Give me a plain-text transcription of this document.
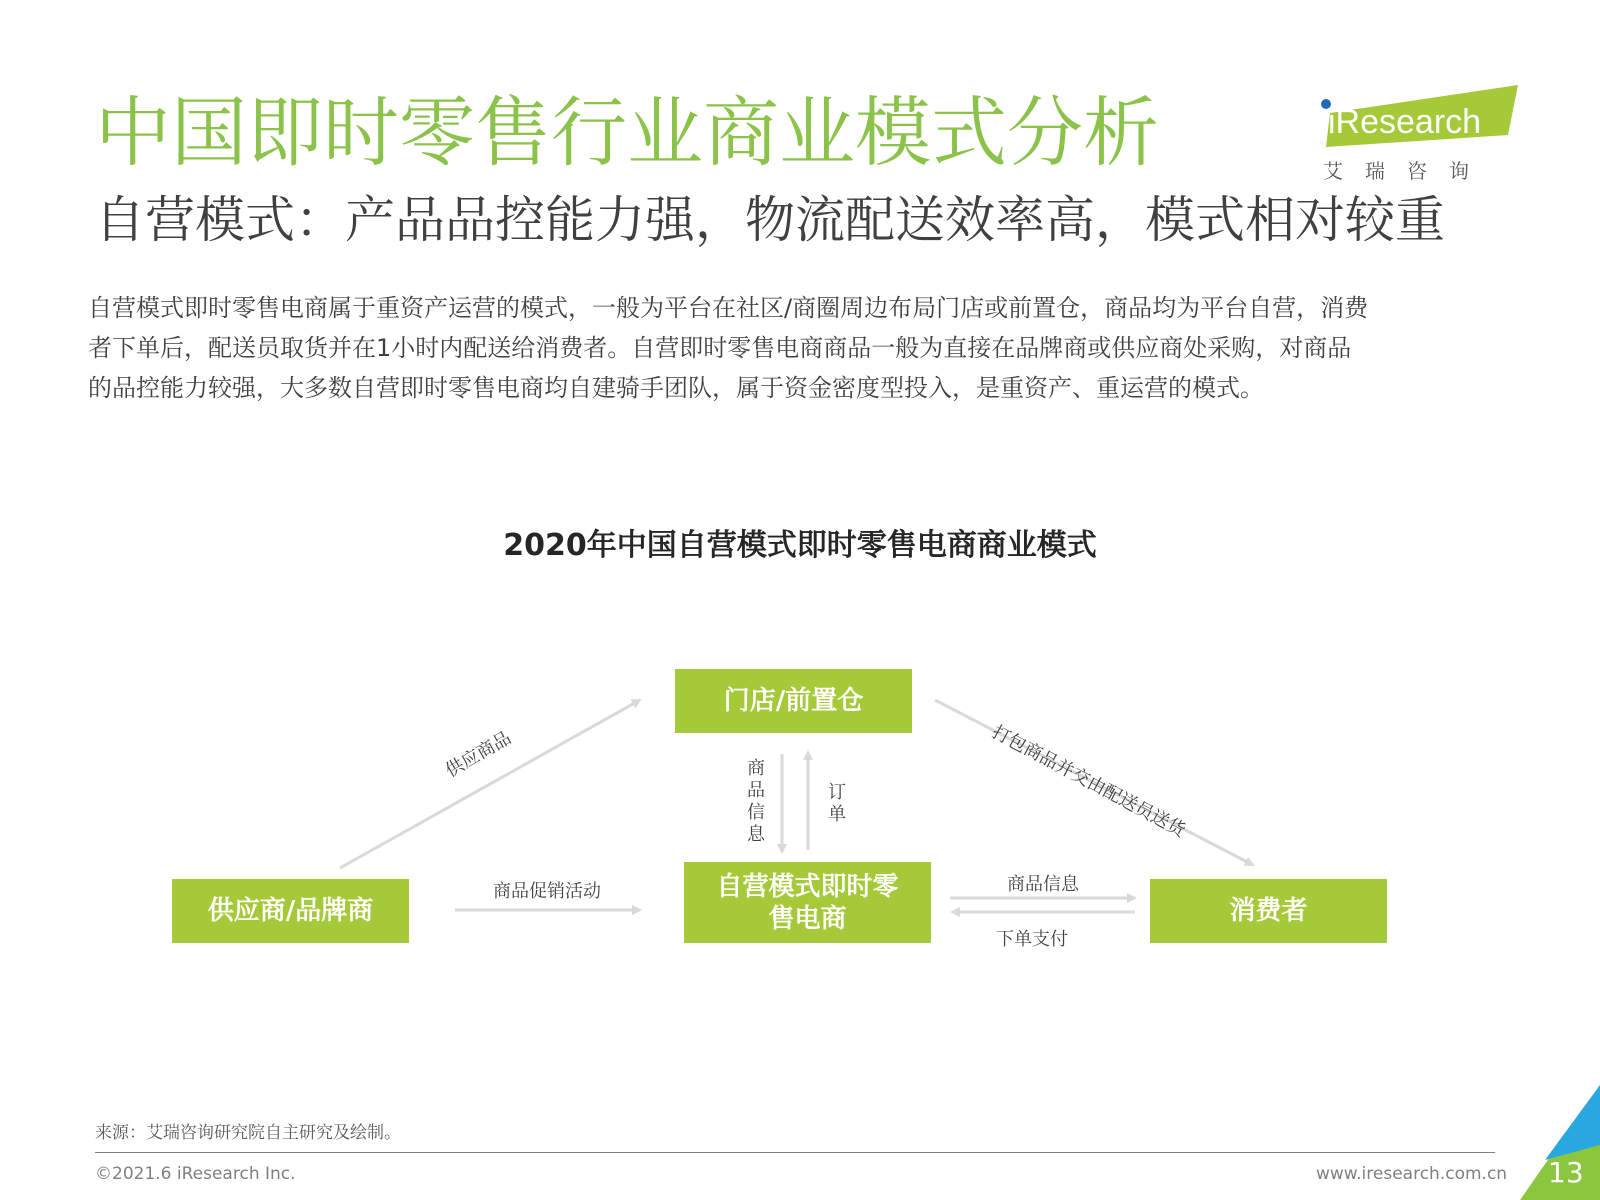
中国即时零售行业商业模式分析
自营模式：产品品控能力强，物流配送效率高，模式相对较重
iResearch
艾瑞咨询
自营模式即时零售电商属于重资产运营的模式，一般为平台在社区/商圈周边布局门店或前置仓，商品均为平台自营，消费
者下单后，配送员取货并在1小时内配送给消费者。自营即时零售电商商品一般为直接在品牌商或供应商处采购，对商品
的品控能力较强，大多数自营即时零售电商均自建骑手团队，属于资金密度型投入，是重资产、重运营的模式。
2020年中国自营模式即时零售电商商业模式
门店/前置仓
供应商/品牌商
自营模式即时零
售电商	消费者
供应商品
商品促销活动
商品信息
订单	打包商品并交由配送员送货
商品信息
下单支付
来源：艾瑞咨询研究院自主研究及绘制。
©2021.6 iResearch Inc.	www.iresearch.com.cn 13
